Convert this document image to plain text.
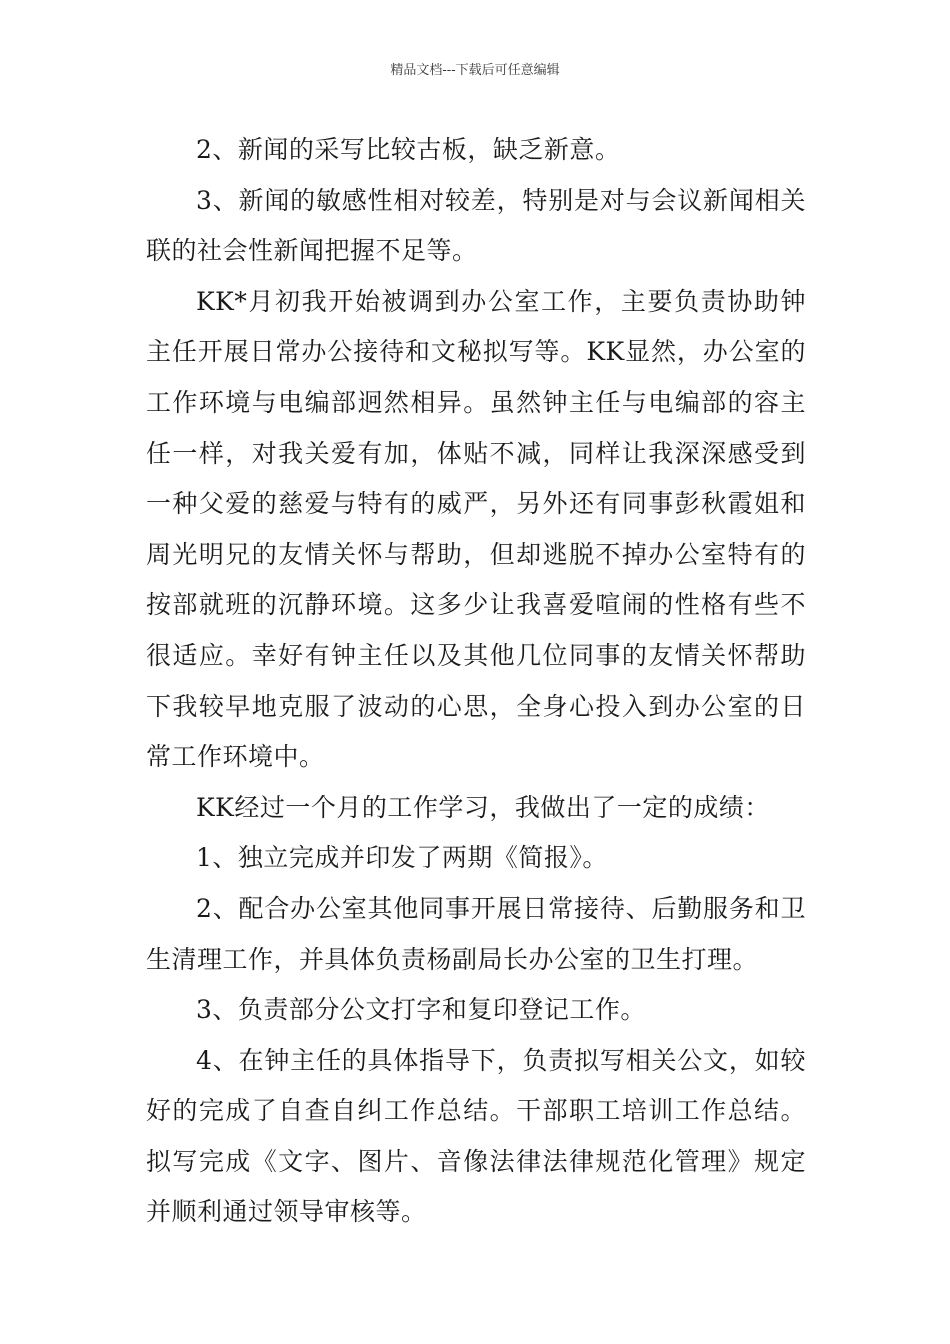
精品文档---下载后可任意编辑

2、新闻的采写比较古板，缺乏新意。

3、新闻的敏感性相对较差，特别是对与会议新闻相关联的社会性新闻把握不足等。

KK*月初我开始被调到办公室工作，主要负责协助钟主任开展日常办公接待和文秘拟写等。KK显然，办公室的工作环境与电编部迥然相异。虽然钟主任与电编部的容主任一样，对我关爱有加，体贴不减，同样让我深深感受到一种父爱的慈爱与特有的威严，另外还有同事彭秋霞姐和周光明兄的友情关怀与帮助，但却逃脱不掉办公室特有的按部就班的沉静环境。这多少让我喜爱喧闹的性格有些不很适应。幸好有钟主任以及其他几位同事的友情关怀帮助下我较早地克服了波动的心思，全身心投入到办公室的日常工作环境中。

KK经过一个月的工作学习，我做出了一定的成绩：

1、独立完成并印发了两期《简报》。

2、配合办公室其他同事开展日常接待、后勤服务和卫生清理工作，并具体负责杨副局长办公室的卫生打理。

3、负责部分公文打字和复印登记工作。

4、在钟主任的具体指导下，负责拟写相关公文，如较好的完成了自查自纠工作总结。干部职工培训工作总结。拟写完成《文字、图片、音像法律法律规范化管理》规定并顺利通过领导审核等。
